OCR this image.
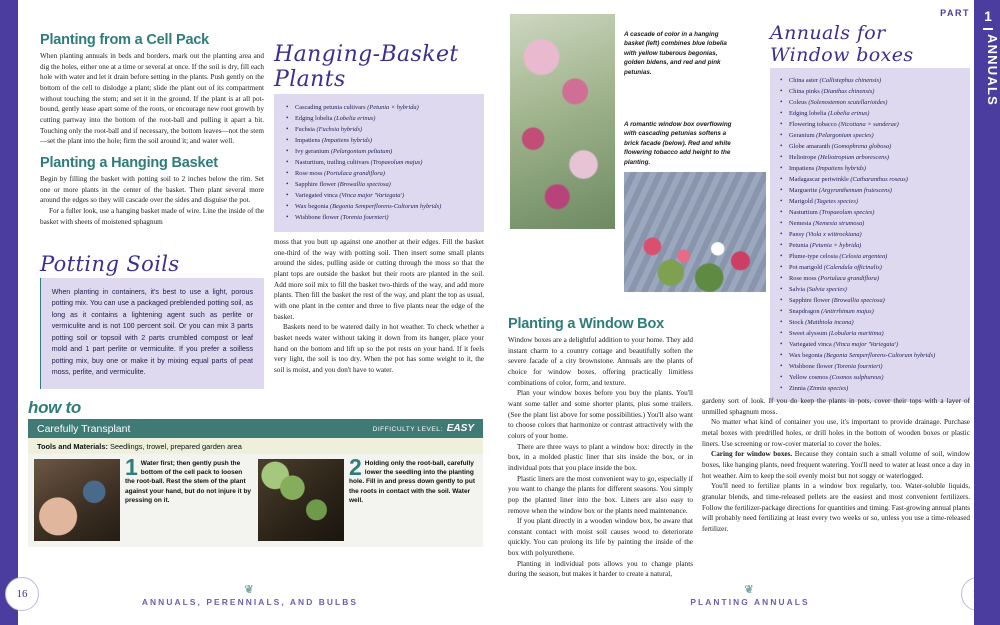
Planting from a Cell Pack

When planting annuals in beds and borders, mark out the planting area and dig the holes, either one at a time or several at once. If the soil is dry, fill each hole with water and let it drain before setting in the plants. Push gently on the bottom of the cell to dislodge a plant; slide the plant out of its compartment without touching the stem; and set it in the ground. If the plant is at all pot-bound, gently tease apart some of the roots, or encourage new root growth by cutting partway into the bottom of the root-ball and pulling it apart a bit. Touching only the root-ball and if necessary, the bottom leaves—not the stem—set the plant into the hole; firm the soil around it; and water well.

Planting a Hanging Basket

Begin by filling the basket with potting soil to 2 inches below the rim. Set one or more plants in the center of the basket. Then plant several more around the edges so they will cascade over the sides and disguise the pot.

For a fuller look, use a hanging basket made of wire. Line the inside of the basket with sheets of moistened sphagnum

Potting Soils
When planting in containers, it's best to use a light, porous potting mix. You can use a packaged preblended potting soil, as long as it contains a lightening agent such as perlite or vermiculite and is not 100 percent soil. Or you can mix 3 parts potting soil or topsoil with 2 parts crumbled compost or leaf mold and 1 part perlite or vermiculite. If you prefer a soilless potting mix, buy one or make it by mixing equal parts of peat moss, perlite, and vermiculite.
Hanging-Basket Plants
• Cascading petunia cultivars (Petunia × hybrida)
• Edging lobelia (Lobelia erinus)
• Fuchsia (Fuchsia hybrids)
• Impatiens (Impatiens hybrids)
• Ivy geranium (Pelargonium peltatum)
• Nasturtium, trailing cultivars (Tropaeolum majus)
• Rose moss (Portulaca grandiflora)
• Sapphire flower (Browallia speciosa)
• Variegated vinca (Vinca major 'Variegata')
• Wax begonia (Begonia Semperflorens-Cultorum hybrids)
• Wishbone flower (Torenia fournieri)

moss that you butt up against one another at their edges. Fill the basket one-third of the way with potting soil. Then insert some small plants around the sides, pulling aside or cutting through the moss so that the plant tops are outside the basket but their roots are planted in the soil. Add more soil mix to fill the basket two-thirds of the way, and add more plants. Then fill the basket the rest of the way, and plant the top as usual, with one plant in the center and three to five plants near the edge of the basket.

Baskets need to be watered daily in hot weather. To check whether a basket needs water without taking it down from its hanger, place your hand on the bottom and lift up so the pot rests on your hand. If it feels very light, the soil is too dry. When the pot has some weight to it, the soil is moist, and you don't have to water.

how to
Carefully Transplant	DIFFICULTY LEVEL: EASY
Tools and Materials:
Seedlings, trowel, prepared garden area
1 Water first; then gently push the bottom of the cell pack to loosen the root-ball. Rest the stem of the plant against your hand, but do not injure it by pressing on it.
2 Holding only the root-ball, carefully lower the seedling into the planting hole. Fill in and press down gently to put the roots in contact with the soil. Water well.
16	❦
ANNUALS, PERENNIALS, AND BULBS
A cascade of color in a hanging basket (left) combines blue lobelia with yellow tuberous begonias, golden bidens, and red and pink petunias.
A romantic window box overflowing with cascading petunias softens a brick facade (below). Red and white flowering tobacco add height to the planting.
Annuals for Window boxes
• China aster (Callistephus chinensis)
• China pinks (Dianthus chinensis)
• Coleus (Solenostemon scutellarioides)
• Edging lobelia (Lobelia erinus)
• Flowering tobacco (Nicotiana × sanderae)
• Geranium (Pelargonium species)
• Globe amaranth (Gomophrena globosa)
• Heliotrope (Heliotropium arborescens)
• Impatiens (Impatiens hybrids)
• Madagascar periwinkle (Catharanthus roseus)
• Marguerite (Argyranthemum frutescens)
• Marigold (Tagetes species)
• Nasturtium (Tropaeolum species)
• Nemesia (Nemesia strumosa)
• Pansy (Viola x wittrockiana)
• Petunia (Petunia × hybrida)
• Plume-type celosia (Celosia argentea)
• Pot marigold (Calendula officinalis)
• Rose moss (Portulaca grandiflora)
• Salvia (Salvia species)
• Sapphire flower (Browallia speciosa)
• Snapdragon (Antirrhinum majus)
• Stock (Matthiola incana)
• Sweet alyssum (Lobularia maritima)
• Variegated vinca (Vinca major 'Variegata')
• Wax begonia (Begonia Semperflorens-Cultorum hybrids)
• Wishbone flower (Torenia fournieri)
• Yellow cosmos (Cosmos sulphureus)
• Zinnia (Zinnia species)
Planting a Window Box

Window boxes are a delightful addition to your home. They add instant charm to a country cottage and beautifully soften the severe facade of a city brownstone. Annuals are the plants of choice for window boxes, offering practically limitless combinations of color, form, and texture.

Plan your window boxes before you buy the plants. You'll want some taller and some shorter plants, plus some trailers. (See the plant list above for some possibilities.) You'll also want to choose colors that harmonize or contrast attractively with the colors of your home.

There are three ways to plant a window box: directly in the box, in a molded plastic liner that sits inside the box, or in individual pots that you place inside the box.

Plastic liners are the most convenient way to go, especially if you want to change the plants for different seasons. You simply pop the planted liner into the box. Liners are also easy to remove when the window box or the plants need maintenance.

If you plant directly in a wooden window box, be aware that constant contact with moist soil causes wood to deteriorate quickly. You can prolong its life by painting the inside of the box with polyurethene.

Planting in individual pots allows you to change plants during the season, but makes it harder to create a natural,

gardeny sort of look. If you do keep the plants in pots, cover their tops with a layer of unmilled sphagnum moss.

No matter what kind of container you use, it's important to provide drainage. Purchase metal boxes with predrilled holes, or drill holes in the bottom of wooden boxes or plastic liners. Use screening or row-cover material to cover the holes.

Caring for window boxes. Because they contain such a small volume of soil, window boxes, like hanging plants, need frequent watering. You'll need to water at least once a day in hot weather. Aim to keep the soil evenly moist but not soggy or waterlogged.

You'll need to fertilize plants in a window box regularly, too. Water-soluble liquids, granular blends, and time-released pellets are the easiest and most convenient fertilizers. Follow the fertilizer-package directions for quantities and timing. Fast-growing annual plants will probably need fertilizing at least every two weeks or so, unless you use a time-released fertilizer.

❦
PLANTING ANNUALS
PART	1
ANNUALS
